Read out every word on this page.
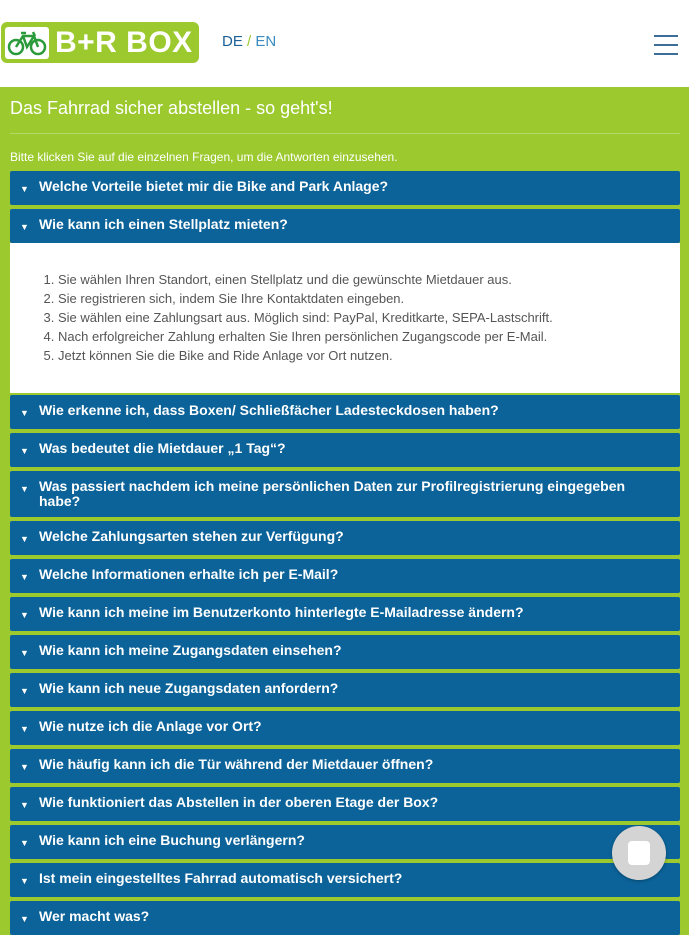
B+R BOX DE / EN
Das Fahrrad sicher abstellen - so geht's!
Bitte klicken Sie auf die einzelnen Fragen, um die Antworten einzusehen.
▼ Welche Vorteile bietet mir die Bike and Park Anlage?
▼ Wie kann ich einen Stellplatz mieten?
1. Sie wählen Ihren Standort, einen Stellplatz und die gewünschte Mietdauer aus.
2. Sie registrieren sich, indem Sie Ihre Kontaktdaten eingeben.
3. Sie wählen eine Zahlungsart aus. Möglich sind: PayPal, Kreditkarte, SEPA-Lastschrift.
4. Nach erfolgreicher Zahlung erhalten Sie Ihren persönlichen Zugangscode per E-Mail.
5. Jetzt können Sie die Bike and Ride Anlage vor Ort nutzen.
▼ Wie erkenne ich, dass Boxen/ Schließfächer Ladesteckdosen haben?
▼ Was bedeutet die Mietdauer „1 Tag“?
▼ Was passiert nachdem ich meine persönlichen Daten zur Profilregistrierung eingegeben habe?
▼ Welche Zahlungsarten stehen zur Verfügung?
▼ Welche Informationen erhalte ich per E-Mail?
▼ Wie kann ich meine im Benutzerkonto hinterlegte E-Mailadresse ändern?
▼ Wie kann ich meine Zugangsdaten einsehen?
▼ Wie kann ich neue Zugangsdaten anfordern?
▼ Wie nutze ich die Anlage vor Ort?
▼ Wie häufig kann ich die Tür während der Mietdauer öffnen?
▼ Wie funktioniert das Abstellen in der oberen Etage der Box?
▼ Wie kann ich eine Buchung verlängern?
▼ Ist mein eingestelltes Fahrrad automatisch versichert?
▼ Wer macht was?
